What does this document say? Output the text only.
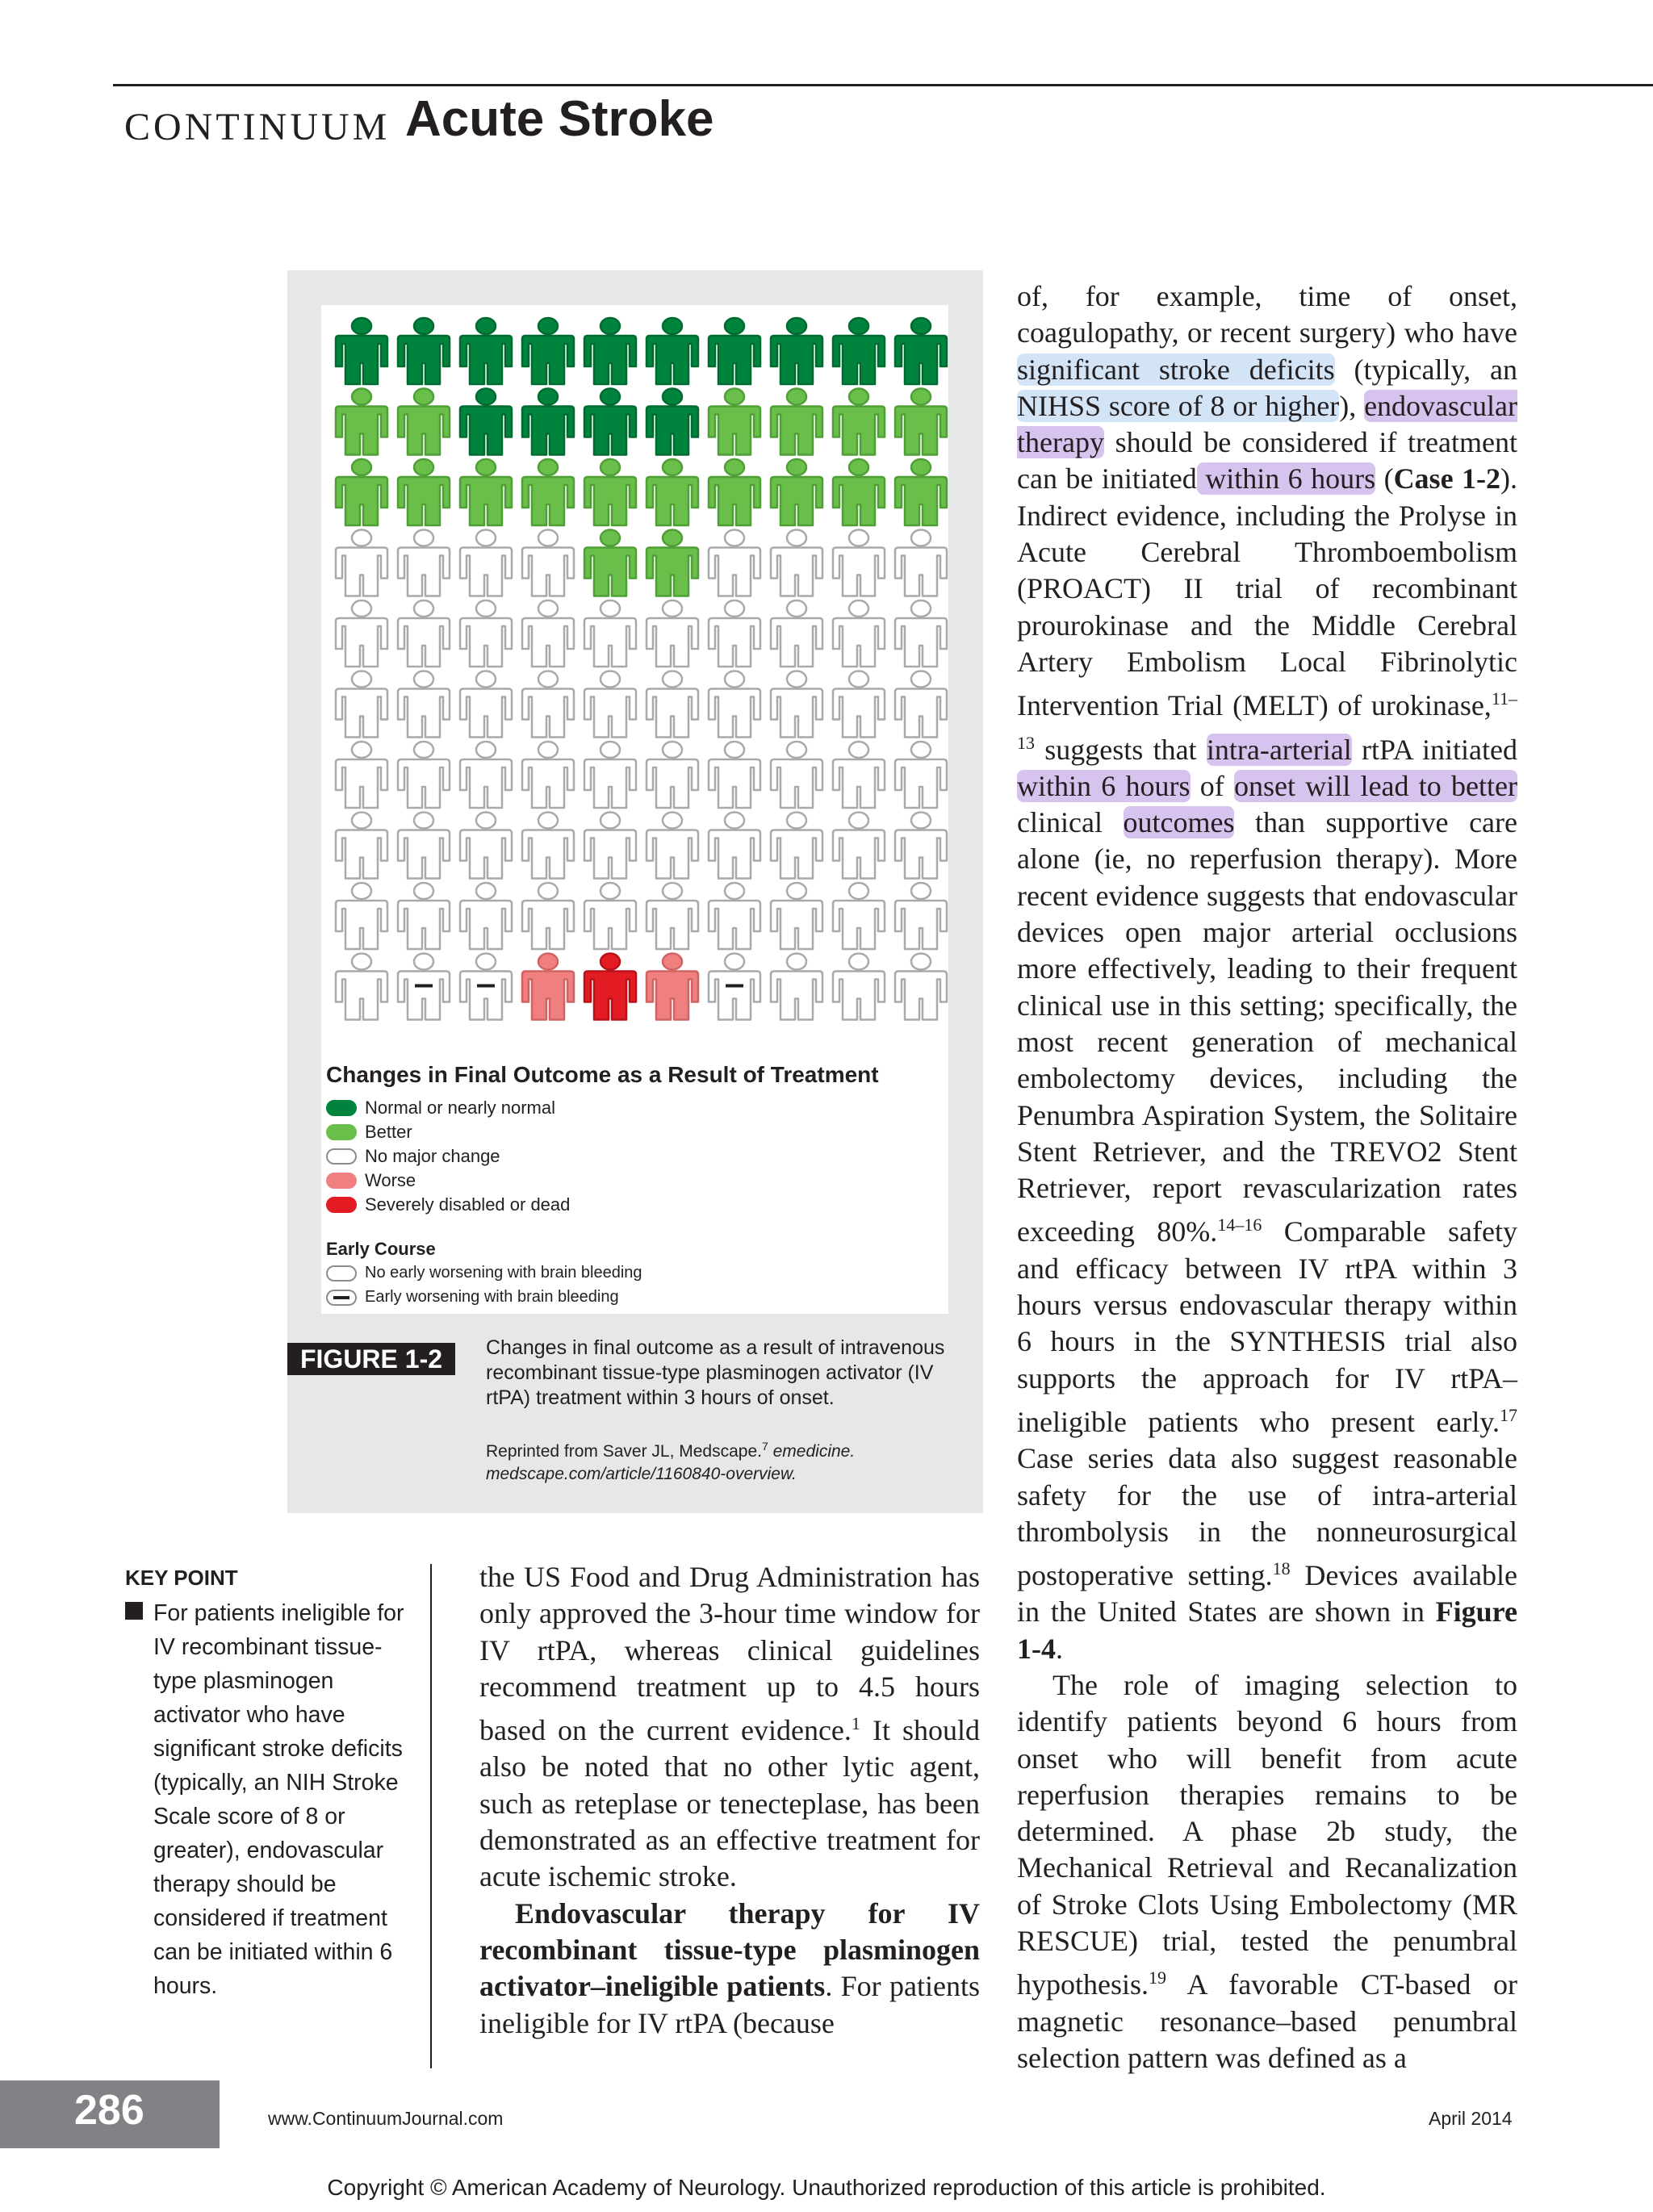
CONTINUUM Acute Stroke
Changes in Final Outcome as a Result of Treatment
Normal or nearly normal
Better
No major change
Worse
Severely disabled or dead
Early Course
No early worsening with brain bleeding
Early worsening with brain bleeding
FIGURE 1-2	Changes in final outcome as a result of intravenous recombinant tissue-type plasminogen activator (IV rtPA) treatment within 3 hours of onset.
Reprinted from Saver JL, Medscape.$^7$ emedicine. medscape.com/article/1160840-overview.

of, for example, time of onset, coagulopathy, or recent surgery) who have significant stroke deficits (typically, an NIHSS score of 8 or higher), endovascular therapy should be considered if treatment can be initiated within 6 hours (Case 1-2). Indirect evidence, including the Prolyse in Acute Cerebral Thromboembolism (PROACT) II trial of recombinant prourokinase and the Middle Cerebral Artery Embolism Local Fibrinolytic Intervention Trial (MELT) of urokinase,$^{11-13}$ suggests that intra-arterial rtPA initiated within 6 hours of onset will lead to better clinical outcomes than supportive care alone (ie, no reperfusion therapy). More recent evidence suggests that endovascular devices open major arterial occlusions more effectively, leading to their frequent clinical use in this setting; specifically, the most recent generation of mechanical embolectomy devices, including the Penumbra Aspiration System, the Solitaire Stent Retriever, and the TREVO2 Stent Retriever, report revascularization rates exceeding 80%.$^{14-16}$ Comparable safety and efficacy between IV rtPA within 3 hours versus endovascular therapy within 6 hours in the SYNTHESIS trial also supports the approach for IV rtPA–ineligible patients who present early.$^{17}$ Case series data also suggest reasonable safety for the use of intra-arterial thrombolysis in the nonneurosurgical postoperative setting.$^{18}$ Devices available in the United States are shown in Figure 1-4.

The role of imaging selection to identify patients beyond 6 hours from onset who will benefit from acute reperfusion therapies remains to be determined. A phase 2b study, the Mechanical Retrieval and Recanalization of Stroke Clots Using Embolectomy (MR RESCUE) trial, tested the penumbral hypothesis.$^{19}$ A favorable CT-based or magnetic resonance–based penumbral selection pattern was defined as a

the US Food and Drug Administration has only approved the 3-hour time window for IV rtPA, whereas clinical guidelines recommend treatment up to 4.5 hours based on the current evidence.$^1$ It should also be noted that no other lytic agent, such as reteplase or tenecteplase, has been demonstrated as an effective treatment for acute ischemic stroke.

Endovascular therapy for IV recombinant tissue-type plasminogen activator–ineligible patients. For patients ineligible for IV rtPA (because

KEY POINT
For patients ineligible for IV recombinant tissue-type plasminogen activator who have significant stroke deficits (typically, an NIH Stroke Scale score of 8 or greater), endovascular therapy should be considered if treatment can be initiated within 6 hours.
286	www.ContinuumJournal.com	April 2014
Copyright © American Academy of Neurology. Unauthorized reproduction of this article is prohibited.
